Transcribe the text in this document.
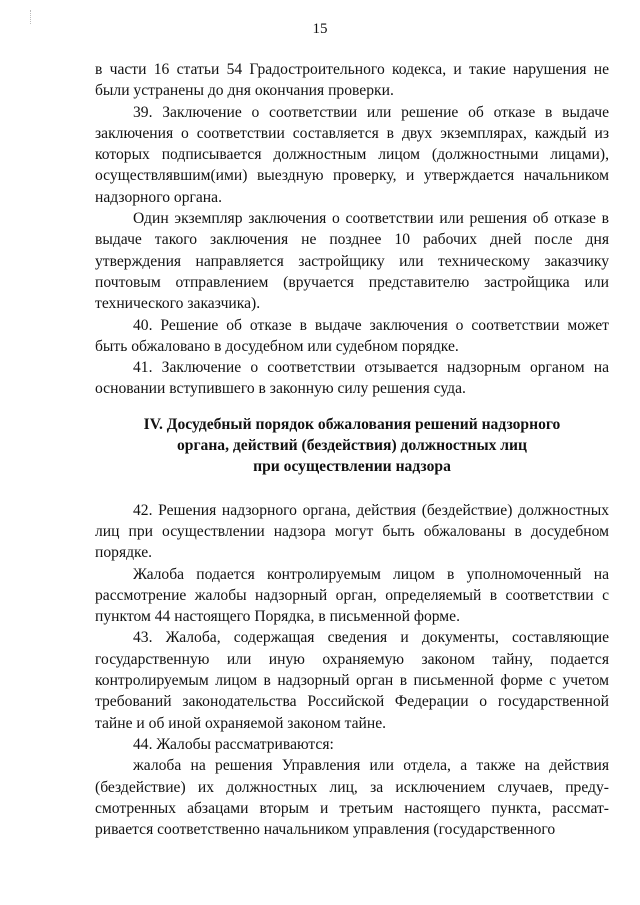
15

в части 16 статьи 54 Градостроительного кодекса, и такие нарушения не были устранены до дня окончания проверки.

39. Заключение о соответствии или решение об отказе в выдаче заключения о соответствии составляется в двух экземплярах, каждый из которых подписывается должностным лицом (должностными лицами), осуществлявшим(ими) выездную проверку, и утверждается начальником надзорного органа.

Один экземпляр заключения о соответствии или решения об отказе в выдаче такого заключения не позднее 10 рабочих дней после дня утверждения направляется застройщику или техническому заказчику почтовым отправлением (вручается представителю застройщика или технического заказчика).

40. Решение об отказе в выдаче заключения о соответствии может быть обжаловано в досудебном или судебном порядке.

41. Заключение о соответствии отзывается надзорным органом на основании вступившего в законную силу решения суда.

IV. Досудебный порядок обжалования решений надзорного
органа, действий (бездействия) должностных лиц
при осуществлении надзора

42. Решения надзорного органа, действия (бездействие) должностных лиц при осуществлении надзора могут быть обжалованы в досудебном порядке.

Жалоба подается контролируемым лицом в уполномоченный на рассмотрение жалобы надзорный орган, определяемый в соответствии с пунктом 44 настоящего Порядка, в письменной форме.

43. Жалоба, содержащая сведения и документы, составляющие государственную или иную охраняемую законом тайну, подается контролируемым лицом в надзорный орган в письменной форме с учетом требований законодательства Российской Федерации о государственной тайне и об иной охраняемой законом тайне.

44. Жалобы рассматриваются:

жалоба на решения Управления или отдела, а также на действия (бездействие) их должностных лиц, за исключением случаев, предусмотренных абзацами вторым и третьим настоящего пункта, рассматривается соответственно начальником управления (государственного
